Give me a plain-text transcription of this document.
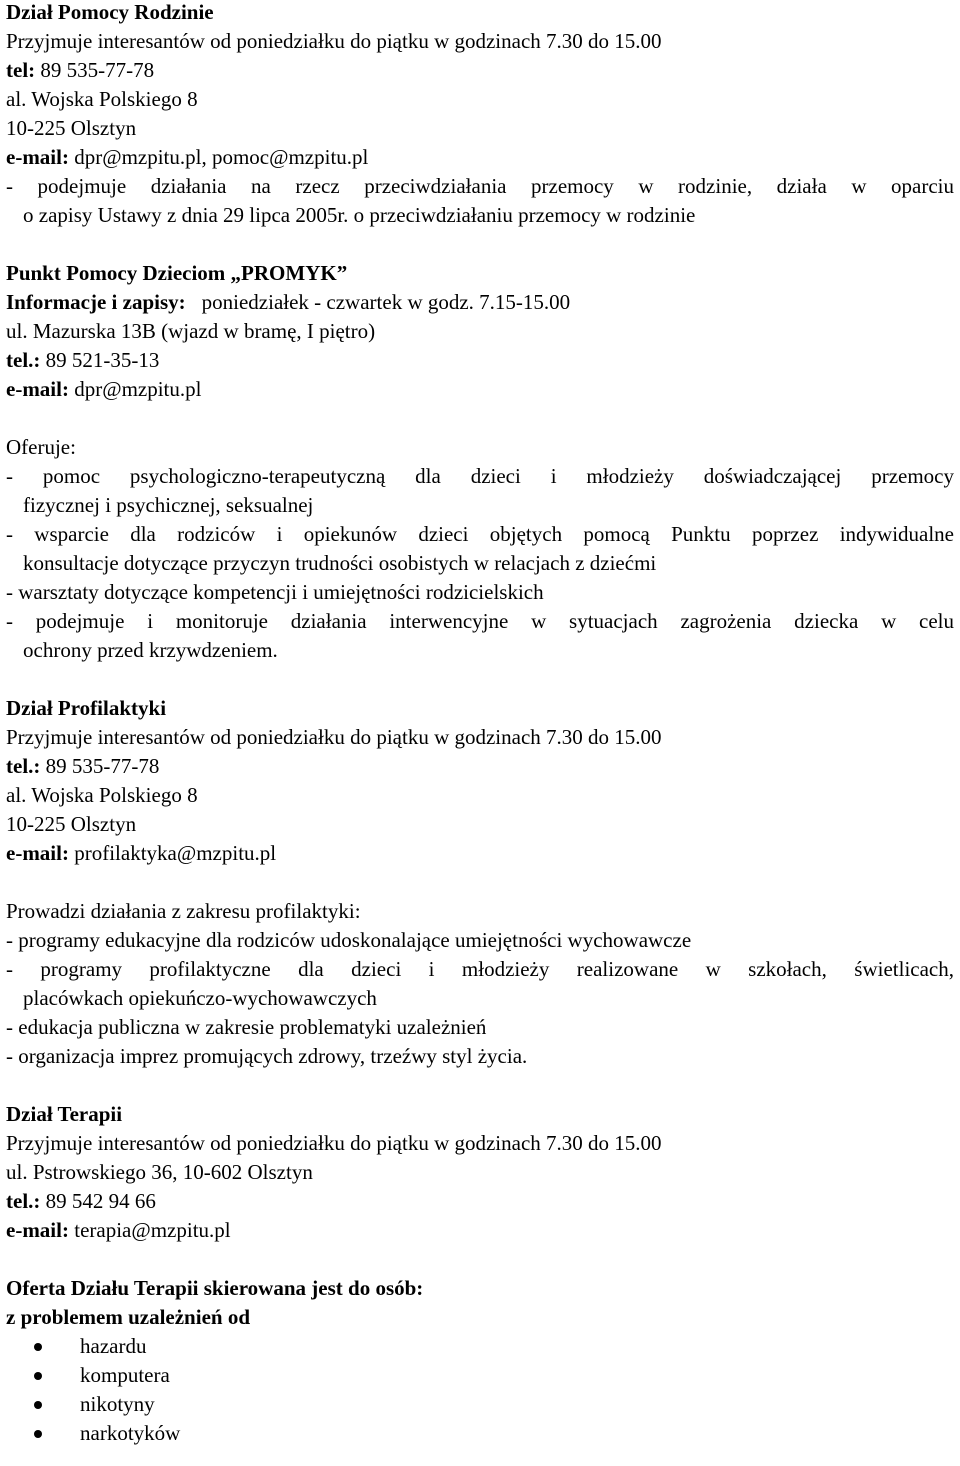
Dział Pomocy Rodzinie
Przyjmuje interesantów od poniedziałku do piątku w godzinach 7.30 do 15.00
tel: 89 535-77-78
al. Wojska Polskiego 8
10-225 Olsztyn
e-mail: dpr@mzpitu.pl, pomoc@mzpitu.pl
- podejmuje działania na rzecz przeciwdziałania przemocy w rodzinie, działa w oparciu
o zapisy Ustawy z dnia 29 lipca 2005r. o przeciwdziałaniu przemocy w rodzinie
Punkt Pomocy Dzieciom „PROMYK”
Informacje i zapisy: poniedziałek - czwartek w godz. 7.15-15.00
ul. Mazurska 13B (wjazd w bramę, I piętro)
tel.: 89 521-35-13
e-mail: dpr@mzpitu.pl
Oferuje:
- pomoc psychologiczno-terapeutyczną dla dzieci i młodzieży doświadczającej przemocy
fizycznej i psychicznej, seksualnej
- wsparcie dla rodziców i opiekunów dzieci objętych pomocą Punktu poprzez indywidualne
konsultacje dotyczące przyczyn trudności osobistych w relacjach z dziećmi
- warsztaty dotyczące kompetencji i umiejętności rodzicielskich
- podejmuje i monitoruje działania interwencyjne w sytuacjach zagrożenia dziecka w celu
ochrony przed krzywdzeniem.
Dział Profilaktyki
Przyjmuje interesantów od poniedziałku do piątku w godzinach 7.30 do 15.00
tel.: 89 535-77-78
al. Wojska Polskiego 8
10-225 Olsztyn
e-mail: profilaktyka@mzpitu.pl
Prowadzi działania z zakresu profilaktyki:
- programy edukacyjne dla rodziców udoskonalające umiejętności wychowawcze
- programy profilaktyczne dla dzieci i młodzieży realizowane w szkołach, świetlicach,
placówkach opiekuńczo-wychowawczych
- edukacja publiczna w zakresie problematyki uzależnień
- organizacja imprez promujących zdrowy, trzeźwy styl życia.
Dział Terapii
Przyjmuje interesantów od poniedziałku do piątku w godzinach 7.30 do 15.00
ul. Pstrowskiego 36, 10-602 Olsztyn
tel.: 89 542 94 66
e-mail: terapia@mzpitu.pl
Oferta Działu Terapii skierowana jest do osób:
z problemem uzależnień od
hazardu
komputera
nikotyny
narkotyków
